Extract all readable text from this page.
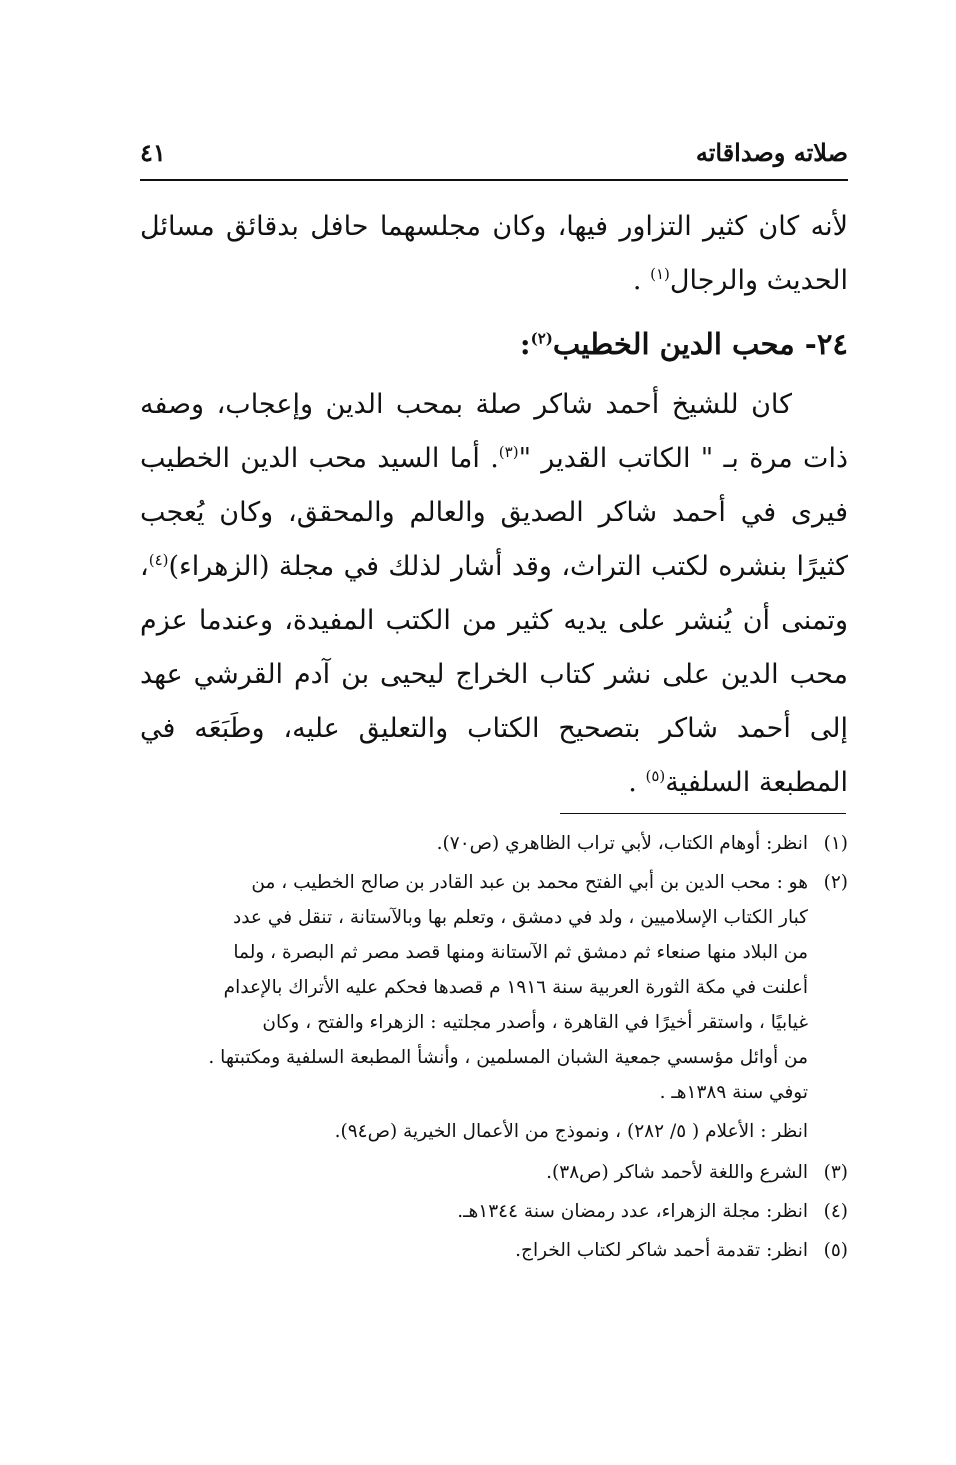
صلاته وصداقاته
٤١

لأنه كان كثير التزاور فيها، وكان مجلسهما حافل بدقائق مسائل الحديث والرجال$^{(١)}$ .

٢٤- محب الدين الخطيب$^{(٢)}$:

كان للشيخ أحمد شاكر صلة بمحب الدين وإعجاب، وصفه ذات مرة بـ " الكاتب القدير "$^{(٣)}$. أما السيد محب الدين الخطيب فيرى في أحمد شاكر الصديق والعالم والمحقق، وكان يُعجب كثيرًا بنشره لكتب التراث، وقد أشار لذلك في مجلة (الزهراء)$^{(٤)}$، وتمنى أن يُنشر على يديه كثير من الكتب المفيدة، وعندما عزم محب الدين على نشر كتاب الخراج ليحيى بن آدم القرشي عهد إلى أحمد شاكر بتصحيح الكتاب والتعليق عليه، وطَبَعَه في المطبعة السلفية$^{(٥)}$ .

(١)
انظر: أوهام الكتاب، لأبي تراب الظاهري (ص٧٠).
(٢)
هو : محب الدين بن أبي الفتح محمد بن عبد القادر بن صالح الخطيب ، من
كبار الكتاب الإسلاميين ، ولد في دمشق ، وتعلم بها وبالآستانة ، تنقل في عدد
من البلاد منها صنعاء ثم دمشق ثم الآستانة ومنها قصد مصر ثم البصرة ، ولما
أعلنت في مكة الثورة العربية سنة ١٩١٦ م قصدها فحكم عليه الأتراك بالإعدام
غيابيًا ، واستقر أخيرًا في القاهرة ، وأصدر مجلتيه : الزهراء والفتح ، وكان
من أوائل مؤسسي جمعية الشبان المسلمين ، وأنشأ المطبعة السلفية ومكتبتها .
توفي سنة ١٣٨٩هـ .
انظر : الأعلام ( ٥/ ٢٨٢) ، ونموذج من الأعمال الخيرية (ص٩٤).
(٣)
الشرع واللغة لأحمد شاكر (ص٣٨).
(٤)
انظر: مجلة الزهراء، عدد رمضان سنة ١٣٤٤هـ.
(٥)
انظر: تقدمة أحمد شاكر لكتاب الخراج.
